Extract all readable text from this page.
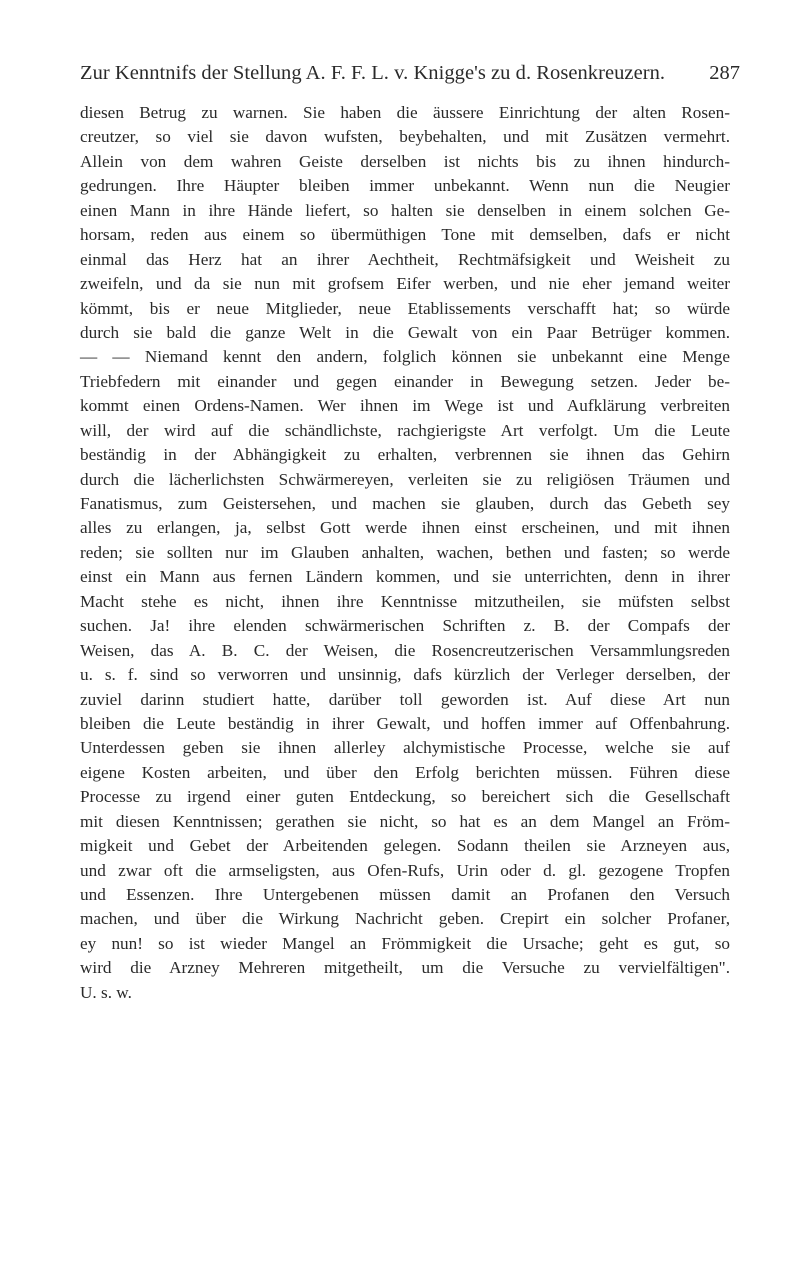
Zur Kenntnifs der Stellung A. F. F. L. v. Knigge's zu d. Rosenkreuzern. 287
diesen Betrug zu warnen. Sie haben die äussere Einrichtung der alten Rosen-
creutzer, so viel sie davon wufsten, beybehalten, und mit Zusätzen vermehrt.
Allein von dem wahren Geiste derselben ist nichts bis zu ihnen hindurch-
gedrungen. Ihre Häupter bleiben immer unbekannt. Wenn nun die Neugier
einen Mann in ihre Hände liefert, so halten sie denselben in einem solchen Ge-
horsam, reden aus einem so übermüthigen Tone mit demselben, dafs er nicht
einmal das Herz hat an ihrer Aechtheit, Rechtmäfsigkeit und Weisheit zu
zweifeln, und da sie nun mit grofsem Eifer werben, und nie eher jemand weiter
kömmt, bis er neue Mitglieder, neue Etablissements verschafft hat; so würde
durch sie bald die ganze Welt in die Gewalt von ein Paar Betrüger kommen.
— — Niemand kennt den andern, folglich können sie unbekannt eine Menge
Triebfedern mit einander und gegen einander in Bewegung setzen. Jeder be-
kommt einen Ordens-Namen. Wer ihnen im Wege ist und Aufklärung verbreiten
will, der wird auf die schändlichste, rachgierigste Art verfolgt. Um die Leute
beständig in der Abhängigkeit zu erhalten, verbrennen sie ihnen das Gehirn
durch die lächerlichsten Schwärmereyen, verleiten sie zu religiösen Träumen und
Fanatismus, zum Geistersehen, und machen sie glauben, durch das Gebeth sey
alles zu erlangen, ja, selbst Gott werde ihnen einst erscheinen, und mit ihnen
reden; sie sollten nur im Glauben anhalten, wachen, bethen und fasten; so werde
einst ein Mann aus fernen Ländern kommen, und sie unterrichten, denn in ihrer
Macht stehe es nicht, ihnen ihre Kenntnisse mitzutheilen, sie müfsten selbst
suchen. Ja! ihre elenden schwärmerischen Schriften z. B. der Compafs der
Weisen, das A. B. C. der Weisen, die Rosencreutzerischen Versammlungsreden
u. s. f. sind so verworren und unsinnig, dafs kürzlich der Verleger derselben, der
zuviel darinn studiert hatte, darüber toll geworden ist. Auf diese Art nun
bleiben die Leute beständig in ihrer Gewalt, und hoffen immer auf Offenbahrung.
Unterdessen geben sie ihnen allerley alchymistische Processe, welche sie auf
eigene Kosten arbeiten, und über den Erfolg berichten müssen. Führen diese
Processe zu irgend einer guten Entdeckung, so bereichert sich die Gesellschaft
mit diesen Kenntnissen; gerathen sie nicht, so hat es an dem Mangel an Fröm-
migkeit und Gebet der Arbeitenden gelegen. Sodann theilen sie Arzneyen aus,
und zwar oft die armseligsten, aus Ofen-Rufs, Urin oder d. gl. gezogene Tropfen
und Essenzen. Ihre Untergebenen müssen damit an Profanen den Versuch
machen, und über die Wirkung Nachricht geben. Crepirt ein solcher Profaner,
ey nun! so ist wieder Mangel an Frömmigkeit die Ursache; geht es gut, so
wird die Arzney Mehreren mitgetheilt, um die Versuche zu vervielfältigen".
U. s. w.
